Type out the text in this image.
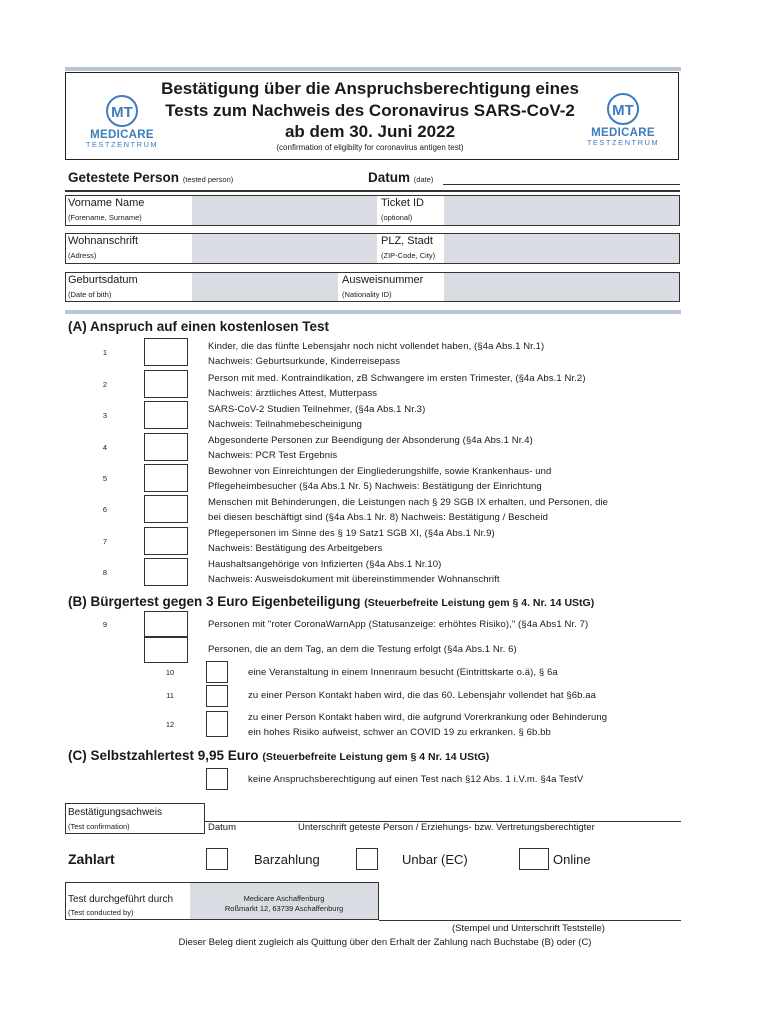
MT
MEDICARE
TESTZENTRUM
MT
MEDICARE
TESTZENTRUM
Bestätigung über die Anspruchsberechtigung eines
Tests zum Nachweis des Coronavirus SARS-CoV-2
ab dem 30. Juni 2022
(confirmation of eligibilty for coronavirus antigen test)
Getestete Person (tested person)	Datum (date)
Vorname Name
(Forename, Surname)
Ticket ID
(optional)
Wohnanschrift
(Adress)
PLZ, Stadt
(ZIP-Code, City)
Geburtsdatum
(Date of bith)
Ausweisnummer
(Nationality ID)
(A) Anspruch auf einen kostenlosen Test
1
Kinder, die das fünfte Lebensjahr noch nicht vollendet haben, (§4a Abs.1 Nr.1)
Nachweis: Geburtsurkunde, Kinderreisepass
2
Person mit med. Kontraindikation, zB Schwangere im ersten Trimester, (§4a Abs.1 Nr.2)
Nachweis: ärztliches Attest, Mutterpass
3
SARS-CoV-2 Studien Teilnehmer, (§4a Abs.1 Nr.3)
Nachweis: Teilnahmebescheinigung
4
Abgesonderte Personen zur Beendigung der Absonderung (§4a Abs.1 Nr.4)
Nachweis: PCR Test Ergebnis
5
Bewohner von Einreichtungen der Eingliederungshilfe, sowie Krankenhaus- und
Pflegeheimbesucher (§4a Abs.1 Nr. 5) Nachweis: Bestätigung der Einrichtung
6
Menschen mit Behinderungen, die Leistungen nach § 29 SGB IX erhalten, und Personen, die
bei diesen beschäftigt sind (§4a Abs.1 Nr. 8) Nachweis: Bestätigung / Bescheid
7
Pflegepersonen im Sinne des § 19 Satz1 SGB XI, (§4a Abs.1 Nr.9)
Nachweis: Bestätigung des Arbeitgebers
8
Haushaltsangehörige von Infizierten (§4a Abs.1 Nr.10)
Nachweis: Ausweisdokument mit übereinstimmender Wohnanschrift
(B) Bürgertest gegen 3 Euro Eigenbeteiligung (Steuerbefreite Leistung gem § 4. Nr. 14 UStG)
9	Personen mit "roter CoronaWarnApp (Statusanzeige: erhöhtes Risiko)," (§4a Abs1 Nr. 7)
Personen, die an dem Tag, an dem die Testung erfolgt (§4a Abs.1 Nr. 6)
10	eine Veranstaltung in einem Innenraum besucht (Eintrittskarte o.ä), § 6a
11	zu einer Person Kontakt haben wird, die das 60. Lebensjahr vollendet hat §6b.aa
12
zu einer Person Kontakt haben wird, die aufgrund Vorerkrankung oder Behinderung
ein hohes Risiko aufweist, schwer an COVID 19 zu erkranken. § 6b.bb
(C) Selbstzahlertest 9,95 Euro (Steuerbefreite Leistung gem § 4 Nr. 14 UStG)
keine Anspruchsberechtigung auf einen Test nach §12 Abs. 1 i.V.m. §4a TestV
Bestätigungsachweis
(Test confirmation)	Datum	Unterschrift geteste Person / Erziehungs- bzw. Vertretungsberechtigter
Zahlart	Barzahlung	Unbar (EC)	Online
Test durchgeführt durch
(Test conducted by)
Medicare Aschaffenburg
Roßmarkt 12, 63739 Aschaffenburg
(Stempel und Unterschrift Teststelle)
Dieser Beleg dient zugleich als Quittung über den Erhalt der Zahlung nach Buchstabe (B) oder (C)
